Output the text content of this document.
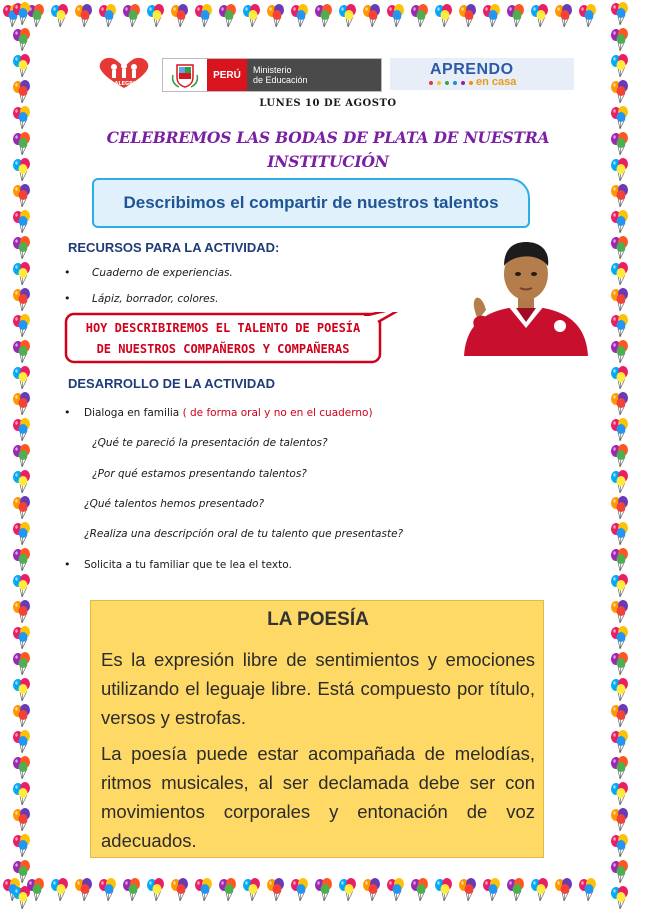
FE Y ALEGRIA 44
PERÚ	Ministerio
de Educación
APRENDO
en casa
LUNES 10 DE AGOSTO
CELEBREMOS LAS BODAS DE PLATA DE NUESTRA INSTITUCIÓN
Describimos el compartir de nuestros talentos
RECURSOS PARA LA ACTIVIDAD:
• Cuaderno de experiencias.
• Lápiz, borrador, colores.
HOY DESCRIBIREMOS EL TALENTO DE POESÍA
DE NUESTROS COMPAÑEROS Y COMPAÑERAS
DESARROLLO DE LA ACTIVIDAD
• Dialoga en familia ( de forma oral y no en el cuaderno)
¿Qué te pareció la presentación de talentos?
¿Por qué estamos presentando talentos?
¿Qué talentos hemos presentado?
¿Realiza una descripción oral de tu talento que presentaste?
• Solicita a tu familiar que te lea el texto.
LA POESÍA
Es la expresión libre de sentimientos y emociones utilizando el leguaje libre. Está compuesto por título, versos y estrofas.
La poesía puede estar acompañada de melodías, ritmos musicales, al ser declamada debe ser con movimientos corporales y entonación de voz adecuados.
